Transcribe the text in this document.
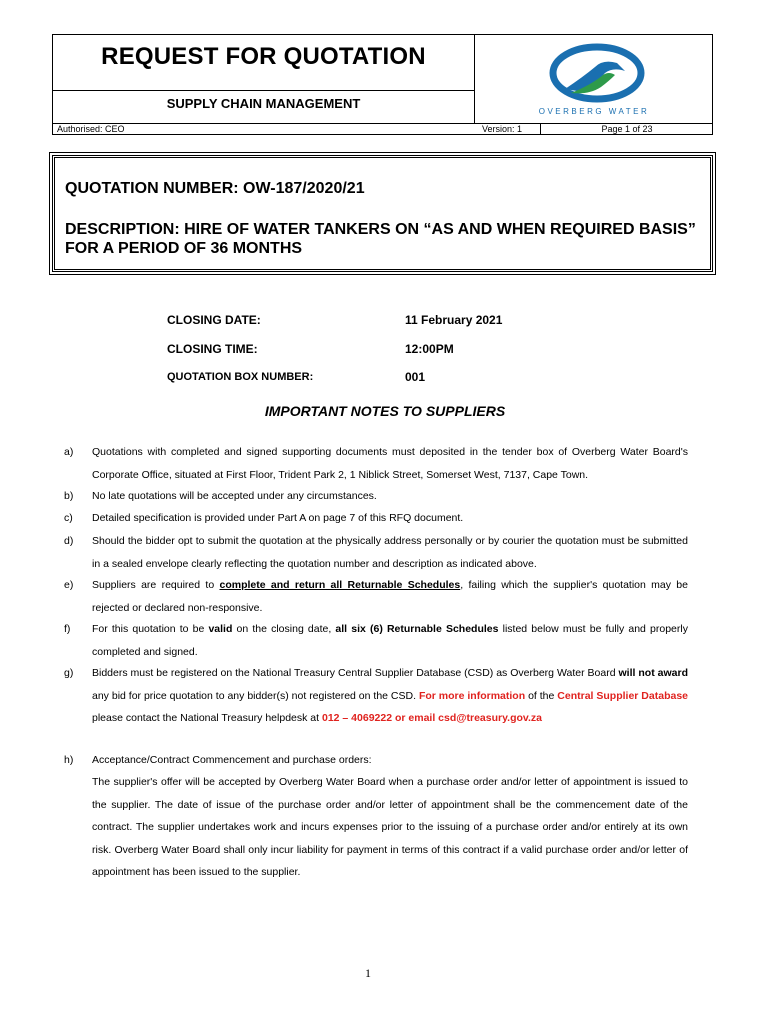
REQUEST FOR QUOTATION
SUPPLY CHAIN MANAGEMENT
Authorised: CEO	Version: 1	Page 1 of 23
OVERBERG WATER
QUOTATION NUMBER: OW-187/2020/21
DESCRIPTION: HIRE OF WATER TANKERS ON “AS AND WHEN REQUIRED BASIS” FOR A PERIOD OF 36 MONTHS
CLOSING DATE:	11 February 2021
CLOSING TIME:	12:00PM
QUOTATION BOX NUMBER:	001
IMPORTANT NOTES TO SUPPLIERS
a) Quotations with completed and signed supporting documents must deposited in the tender box of Overberg Water Board's Corporate Office, situated at First Floor, Trident Park 2, 1 Niblick Street, Somerset West, 7137, Cape Town.
b) No late quotations will be accepted under any circumstances.
c) Detailed specification is provided under Part A on page 7 of this RFQ document.
d) Should the bidder opt to submit the quotation at the physically address personally or by courier the quotation must be submitted in a sealed envelope clearly reflecting the quotation number and description as indicated above.
e) Suppliers are required to complete and return all Returnable Schedules, failing which the supplier's quotation may be rejected or declared non-responsive.
f) For this quotation to be valid on the closing date, all six (6) Returnable Schedules listed below must be fully and properly completed and signed.
g) Bidders must be registered on the National Treasury Central Supplier Database (CSD) as Overberg Water Board will not award any bid for price quotation to any bidder(s) not registered on the CSD. For more information of the Central Supplier Database please contact the National Treasury helpdesk at 012 – 4069222 or email csd@treasury.gov.za
h) Acceptance/Contract Commencement and purchase orders:
The supplier's offer will be accepted by Overberg Water Board when a purchase order and/or letter of appointment is issued to the supplier. The date of issue of the purchase order and/or letter of appointment shall be the commencement date of the contract. The supplier undertakes work and incurs expenses prior to the issuing of a purchase order and/or entirely at its own risk. Overberg Water Board shall only incur liability for payment in terms of this contract if a valid purchase order and/or letter of appointment has been issued to the supplier.
1
